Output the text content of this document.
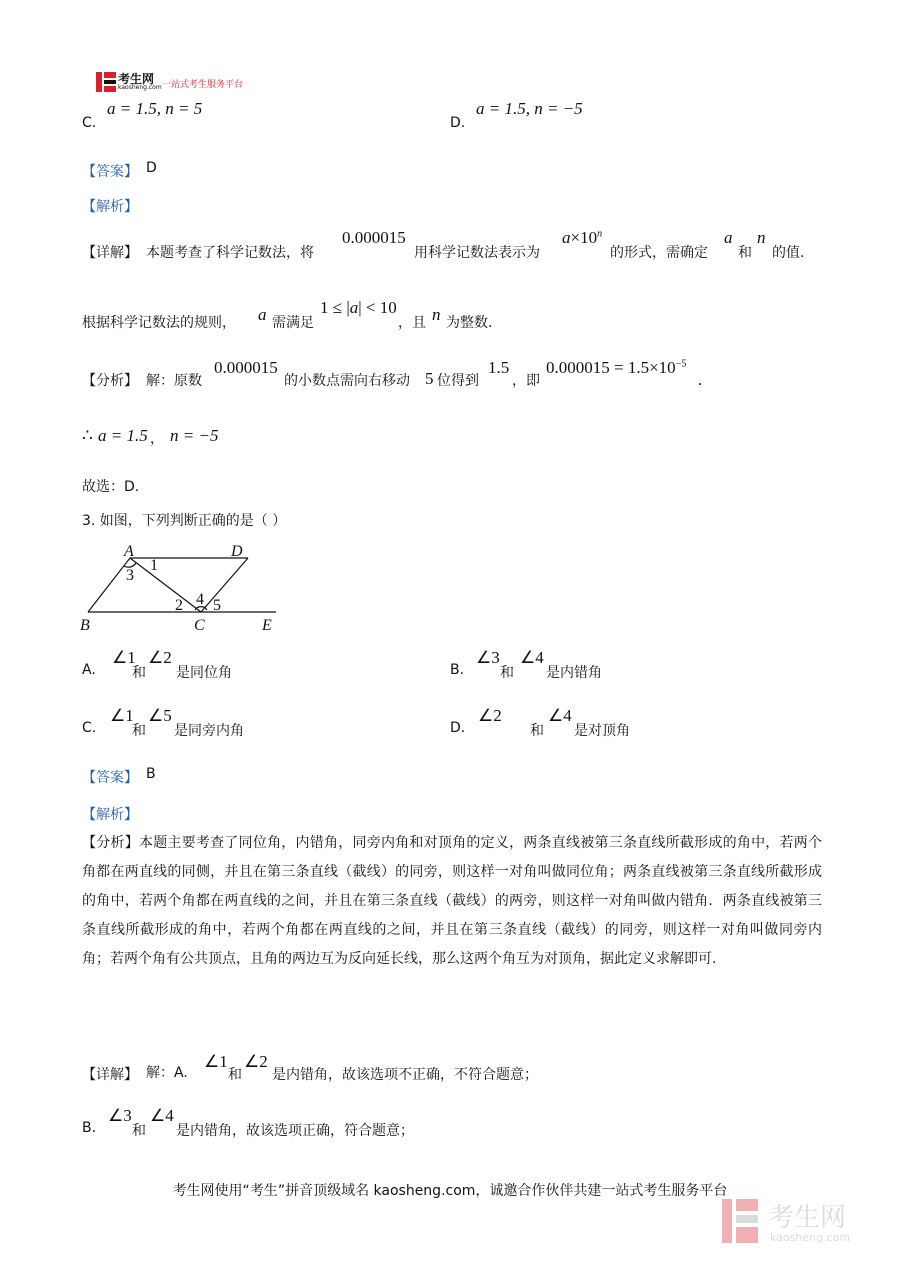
考生网
kaosheng.com 一站式考生服务平台
C.
a = 1.5, n = 5
D.
a = 1.5, n = −5
【答案】 D
【解析】
【详解】 本题考查了科学记数法，将
0.000015
用科学记数法表示为
$a\times 10^n$
的形式，需确定
a
和
n
的值.
根据科学记数法的规则， a 需满足
1 ≤ |a| < 10
，且 n 为整数.
【分析】 解：原数
0.000015
的小数点需向右移动 5 位得到
1.5
，即
$0.000015 = 1.5\times 10^{-5}$
.
∴ a = 1.5 ， n = −5
故选：D.
3. 如图，下列判断正确的是（ ）
A	D
B	C	E
1
3
2 4 5
A.
∠1
和
∠2
是同位角	B.
∠3
和
∠4
是内错角
C.
∠1
和
∠5
是同旁内角	D.
∠2
和
∠4
是对顶角
【答案】 B
【解析】
【分析】本题主要考查了同位角，内错角，同旁内角和对顶角的定义，两条直线被第三条直线所截形成的角中，若两个角都在两直线的同侧，并且在第三条直线（截线）的同旁，则这样一对角叫做同位角；两条直线被第三条直线所截形成的角中，若两个角都在两直线的之间，并且在第三条直线（截线）的两旁，则这样一对角叫做内错角．两条直线被第三条直线所截形成的角中，若两个角都在两直线的之间，并且在第三条直线（截线）的同旁，则这样一对角叫做同旁内角；若两个角有公共顶点，且角的两边互为反向延长线，那么这两个角互为对顶角，据此定义求解即可.
【详解】 解：A.
∠1
和
∠2
是内错角，故该选项不正确，不符合题意；
B.
∠3
和
∠4
是内错角，故该选项正确，符合题意；
考生网使用“考生”拼音顶级域名 kaosheng.com，诚邀合作伙伴共建一站式考生服务平台
考生网
kaosheng.com
